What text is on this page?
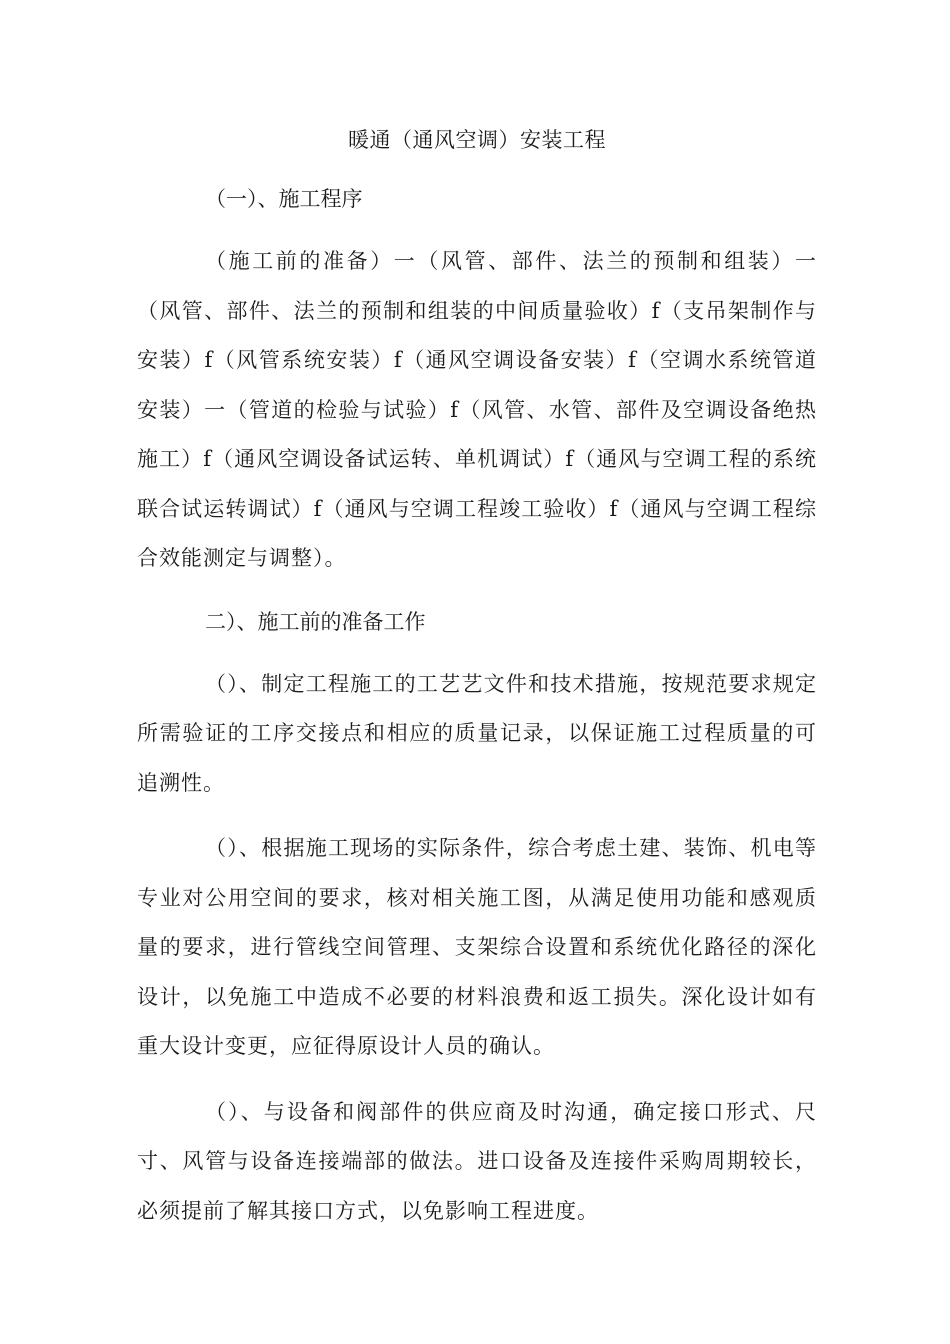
暖通（通风空调）安装工程
（一）、施工程序

（施工前的准备）一（风管、部件、法兰的预制和组装）一（风管、部件、法兰的预制和组装的中间质量验收）f（支吊架制作与安装）f（风管系统安装）f（通风空调设备安装）f（空调水系统管道安装）一（管道的检验与试验）f（风管、水管、部件及空调设备绝热施工）f（通风空调设备试运转、单机调试）f（通风与空调工程的系统联合试运转调试）f（通风与空调工程竣工验收）f（通风与空调工程综合效能测定与调整）。

二）、施工前的准备工作

（）、制定工程施工的工艺艺文件和技术措施，按规范要求规定所需验证的工序交接点和相应的质量记录，以保证施工过程质量的可追溯性。

（）、根据施工现场的实际条件，综合考虑土建、装饰、机电等专业对公用空间的要求，核对相关施工图，从满足使用功能和感观质量的要求，进行管线空间管理、支架综合设置和系统优化路径的深化设计，以免施工中造成不必要的材料浪费和返工损失。深化设计如有重大设计变更，应征得原设计人员的确认。

（）、与设备和阀部件的供应商及时沟通，确定接口形式、尺寸、风管与设备连接端部的做法。进口设备及连接件采购周期较长，必须提前了解其接口方式，以免影响工程进度。
